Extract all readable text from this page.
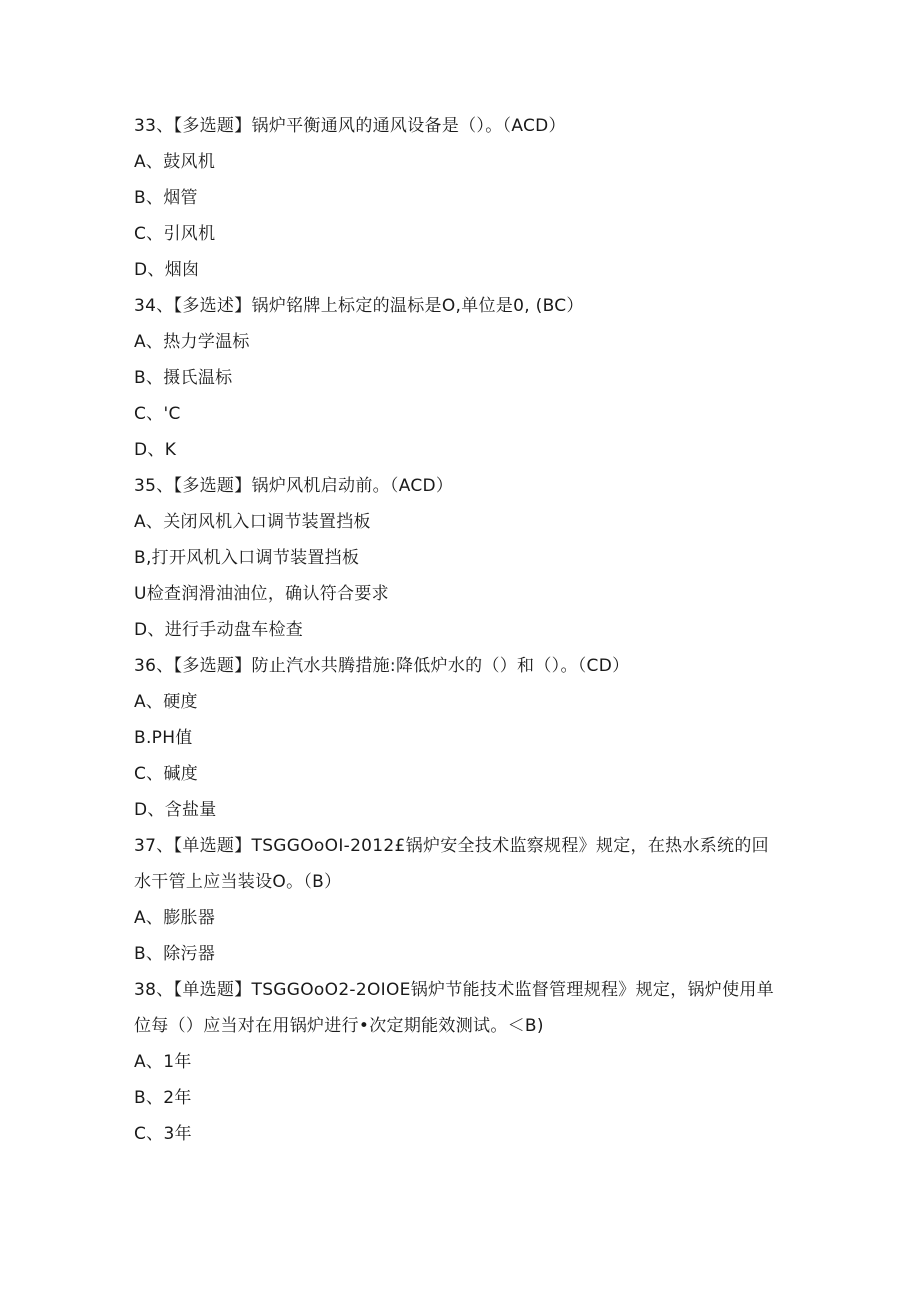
33、【多选题】锅炉平衡通风的通风设备是（）。（ACD）
A、鼓风机
B、烟管
C、引风机
D、烟囱
34、【多选述】锅炉铭牌上标定的温标是O,单位是0, (BC）
A、热力学温标
B、摄氏温标
C、'C
D、K
35、【多选题】锅炉风机启动前。（ACD）
A、关闭风机入口调节装置挡板
B,打开风机入口调节装置挡板
U检查润滑油油位，确认符合要求
D、进行手动盘车检查
36、【多选题】防止汽水共腾措施:降低炉水的（）和（）。（CD）
A、硬度
B.PH值
C、碱度
D、含盐量
37、【单选题】TSGGOoOI-2012£锅炉安全技术监察规程》规定，在热水系统的回水干管上应当装设O。（B）
A、膨胀器
B、除污器
38、【单选题】TSGGOoO2-2OIOE锅炉节能技术监督管理规程》规定，锅炉使用单位每（）应当对在用锅炉进行•次定期能效测试。＜B)
A、1年
B、2年
C、3年
